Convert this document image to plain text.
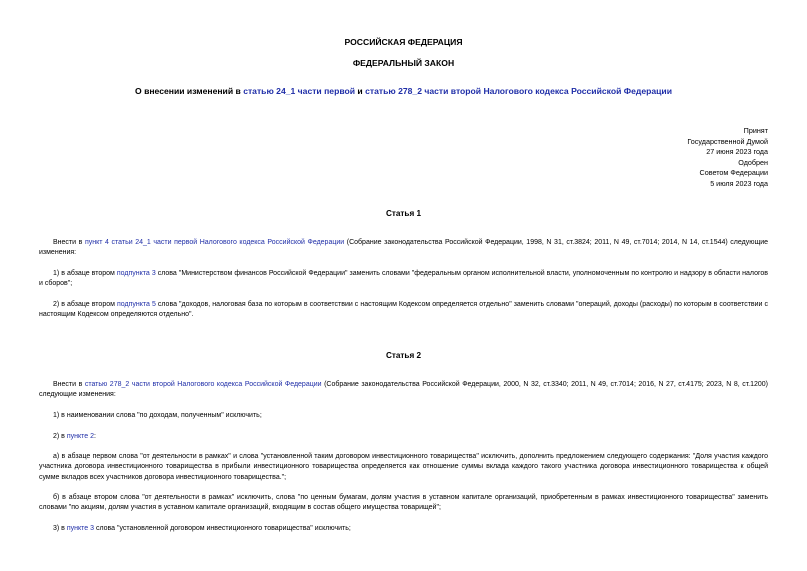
РОССИЙСКАЯ ФЕДЕРАЦИЯ
ФЕДЕРАЛЬНЫЙ ЗАКОН
О внесении изменений в статью 24_1 части первой и статью 278_2 части второй Налогового кодекса Российской Федерации
Принят
Государственной Думой
27 июня 2023 года
Одобрен
Советом Федерации
5 июля 2023 года
Статья 1
Внести в пункт 4 статьи 24_1 части первой Налогового кодекса Российской Федерации (Собрание законодательства Российской Федерации, 1998, N 31, ст.3824; 2011, N 49, ст.7014; 2014, N 14, ст.1544) следующие изменения:
1) в абзаце втором подпункта 3 слова "Министерством финансов Российской Федерации" заменить словами "федеральным органом исполнительной власти, уполномоченным по контролю и надзору в области налогов и сборов";
2) в абзаце втором подпункта 5 слова "доходов, налоговая база по которым в соответствии с настоящим Кодексом определяется отдельно" заменить словами "операций, доходы (расходы) по которым в соответствии с настоящим Кодексом определяются отдельно".
Статья 2
Внести в статью 278_2 части второй Налогового кодекса Российской Федерации (Собрание законодательства Российской Федерации, 2000, N 32, ст.3340; 2011, N 49, ст.7014; 2016, N 27, ст.4175; 2023, N 8, ст.1200) следующие изменения:
1) в наименовании слова "по доходам, полученным" исключить;
2) в пункте 2:
а) в абзаце первом слова "от деятельности в рамках" и слова "установленной таким договором инвестиционного товарищества" исключить, дополнить предложением следующего содержания: "Доля участия каждого участника договора инвестиционного товарищества в прибыли инвестиционного товарищества определяется как отношение суммы вклада каждого такого участника договора инвестиционного товарищества к общей сумме вкладов всех участников договора инвестиционного товарищества.";
б) в абзаце втором слова "от деятельности в рамках" исключить, слова "по ценным бумагам, долям участия в уставном капитале организаций, приобретенным в рамках инвестиционного товарищества" заменить словами "по акциям, долям участия в уставном капитале организаций, входящим в состав общего имущества товарищей";
3) в пункте 3 слова "установленной договором инвестиционного товарищества" исключить;
